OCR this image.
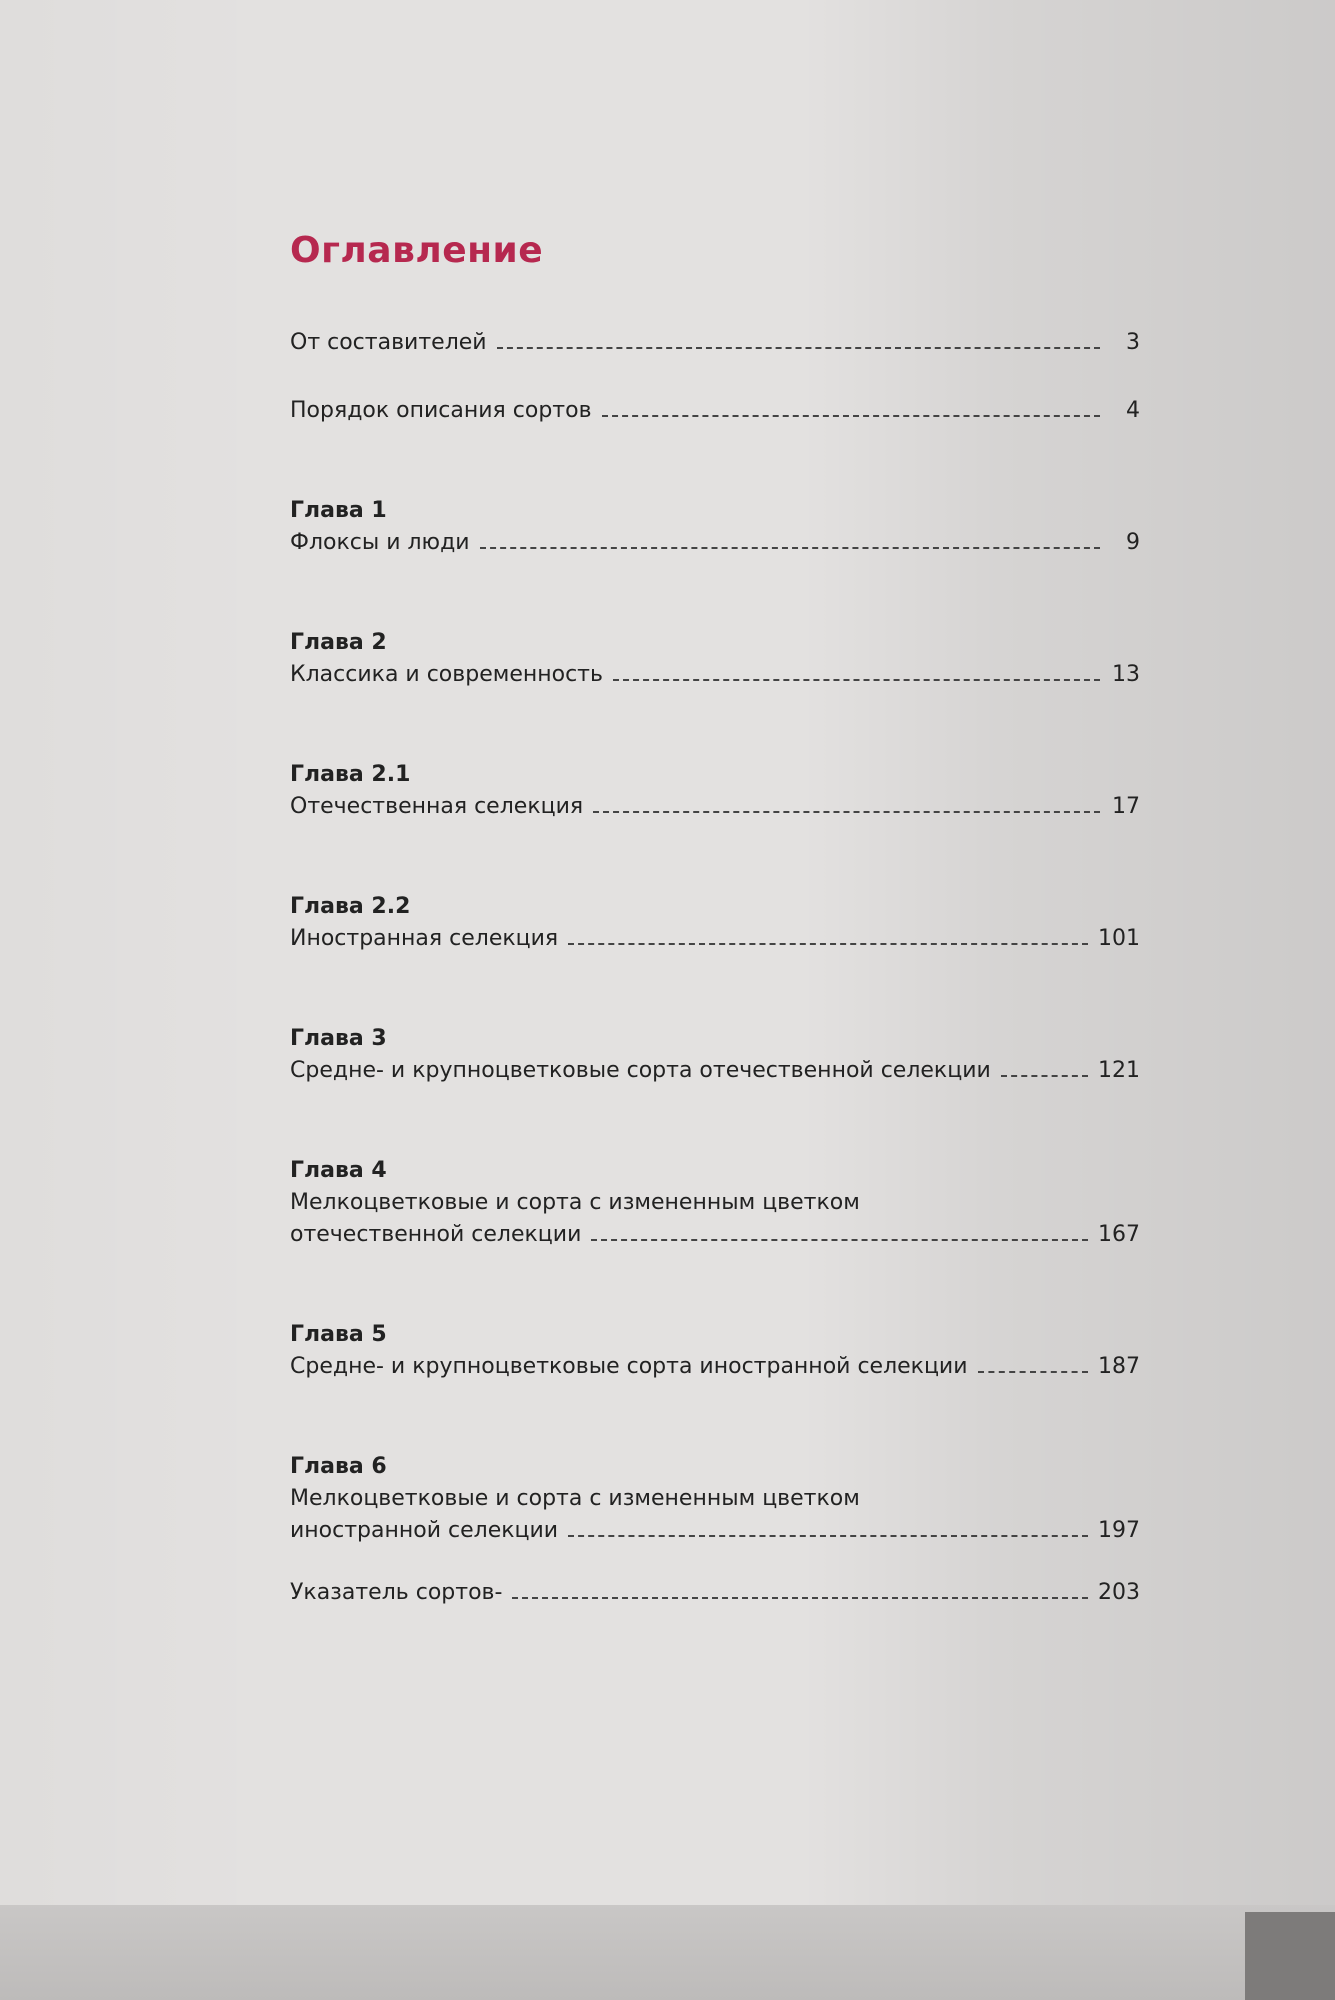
Оглавление
От составителей	3
Порядок описания сортов	4
Глава 1
Флоксы и люди	9
Глава 2
Классика и современность	13
Глава 2.1
Отечественная селекция	17
Глава 2.2
Иностранная селекция	101
Глава 3
Средне- и крупноцветковые сорта отечественной селекции	121
Глава 4
Мелкоцветковые и сорта с измененным цветком
отечественной селекции	167
Глава 5
Средне- и крупноцветковые сорта иностранной селекции	187
Глава 6
Мелкоцветковые и сорта с измененным цветком
иностранной селекции	197
Указатель сортов-	203
